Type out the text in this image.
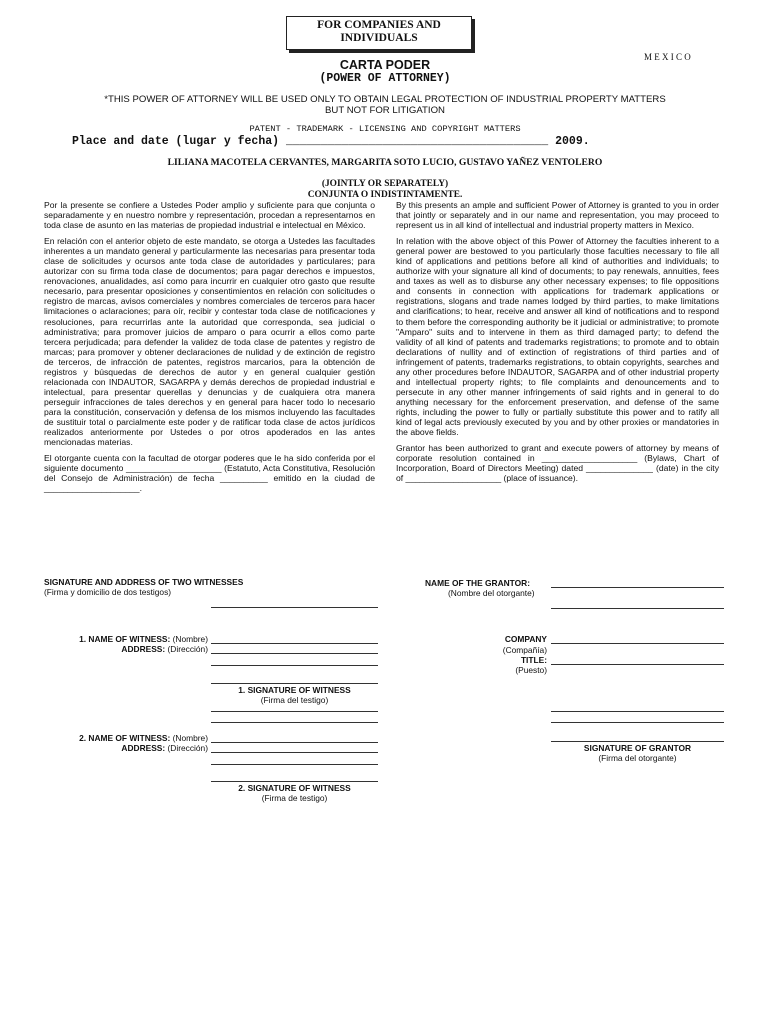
FOR COMPANIES AND
INDIVIDUALS
M E X I C O
CARTA PODER
(POWER OF ATTORNEY)
*THIS POWER OF ATTORNEY WILL BE USED ONLY TO OBTAIN LEGAL PROTECTION OF INDUSTRIAL PROPERTY MATTERS
BUT NOT FOR LITIGATION
PATENT - TRADEMARK - LICENSING AND COPYRIGHT MATTERS
Place and date (lugar y fecha) ______________________________________ 2009.
LILIANA MACOTELA CERVANTES, MARGARITA SOTO LUCIO, GUSTAVO YAÑEZ VENTOLERO
(JOINTLY OR SEPARATELY)
CONJUNTA O INDISTINTAMENTE.

Por la presente se confiere a Ustedes Poder amplio y suficiente para que conjunta o separadamente y en nuestro nombre y representación, procedan a representarnos en toda clase de asunto en las materias de propiedad industrial e intelectual en México.

En relación con el anterior objeto de este mandato, se otorga a Ustedes las facultades inherentes a un mandato general y particularmente las necesarias para presentar toda clase de solicitudes y ocursos ante toda clase de autoridades y particulares; para autorizar con su firma toda clase de documentos; para pagar derechos e impuestos, renovaciones, anualidades, así como para incurrir en cualquier otro gasto que resulte necesario, para presentar oposiciones y consentimientos en relación con solicitudes o registro de marcas, avisos comerciales y nombres comerciales de terceros para hacer limitaciones o aclaraciones; para oír, recibir y contestar toda clase de notificaciones y resoluciones, para recurrirlas ante la autoridad que corresponda, sea judicial o administrativa; para promover juicios de amparo o para ocurrir a ellos como parte tercera perjudicada; para defender la validez de toda clase de patentes y registro de marcas; para promover y obtener declaraciones de nulidad y de extinción de registro de terceros, de infracción de patentes, registros marcarios, para la obtención de registros y búsquedas de derechos de autor y en general cualquier gestión relacionada con INDAUTOR, SAGARPA y demás derechos de propiedad industrial e intelectual, para presentar querellas y denuncias y de cualquiera otra manera perseguir infracciones de tales derechos y en general para hacer todo lo necesario para la constitución, conservación y defensa de los mismos incluyendo las facultades de sustituir total o parcialmente este poder y de ratificar toda clase de actos jurídicos realizados anteriormente por Ustedes o por otros apoderados en las antes mencionadas materias.

El otorgante cuenta con la facultad de otorgar poderes que le ha sido conferida por el siguiente documento ____________________ (Estatuto, Acta Constitutiva, Resolución del Consejo de Administración) de fecha __________ emitido en la ciudad de ____________________.

By this presents an ample and sufficient Power of Attorney is granted to you in order that jointly or separately and in our name and representation, you may proceed to represent us in all kind of intellectual and industrial property matters in Mexico.

In relation with the above object of this Power of Attorney the faculties inherent to a general power are bestowed to you particularly those faculties necessary to file all kind of applications and petitions before all kind of authorities and individuals; to authorize with your signature all kind of documents; to pay renewals, annuities, fees and taxes as well as to disburse any other necessary expenses; to file oppositions and consents in connection with applications for trademark applications or registrations, slogans and trade names lodged by third parties, to make limitations and clarifications; to hear, receive and answer all kind of notifications and to respond to them before the corresponding authority be it judicial or administrative; to promote "Amparo" suits and to intervene in them as third damaged party; to defend the validity of all kind of patents and trademarks registrations; to promote and to obtain declarations of nullity and of extinction of registrations of third parties and of infringement of patents, trademarks registrations, to obtain copyrights, searches and any other procedures before INDAUTOR, SAGARPA and of other industrial property and intellectual property rights; to file complaints and denouncements and to persecute in any other manner infringements of said rights and in general to do anything necessary for the enforcement preservation, and defense of the same rights, including the power to fully or partially substitute this power and to ratify all kind of legal acts previously executed by you and by other proxies or mandatories in the above fields.

Grantor has been authorized to grant and execute powers of attorney by means of corporate resolution contained in ____________________ (Bylaws, Chart of Incorporation, Board of Directors Meeting) dated ______________ (date) in the city of ____________________ (place of issuance).

SIGNATURE AND ADDRESS OF TWO WITNESSES
(Firma y domicilio de dos testigos)
1. NAME OF WITNESS: (Nombre)
ADDRESS: (Dirección)
1. SIGNATURE OF WITNESS
(Firma del testigo)
2. NAME OF WITNESS: (Nombre)
ADDRESS: (Dirección)
2. SIGNATURE OF WITNESS
(Firma de testigo)
NAME OF THE GRANTOR:
(Nombre del otorgante)
COMPANY
(Compañía)
TITLE:
(Puesto)
SIGNATURE OF GRANTOR
(Firma del otorgante)
